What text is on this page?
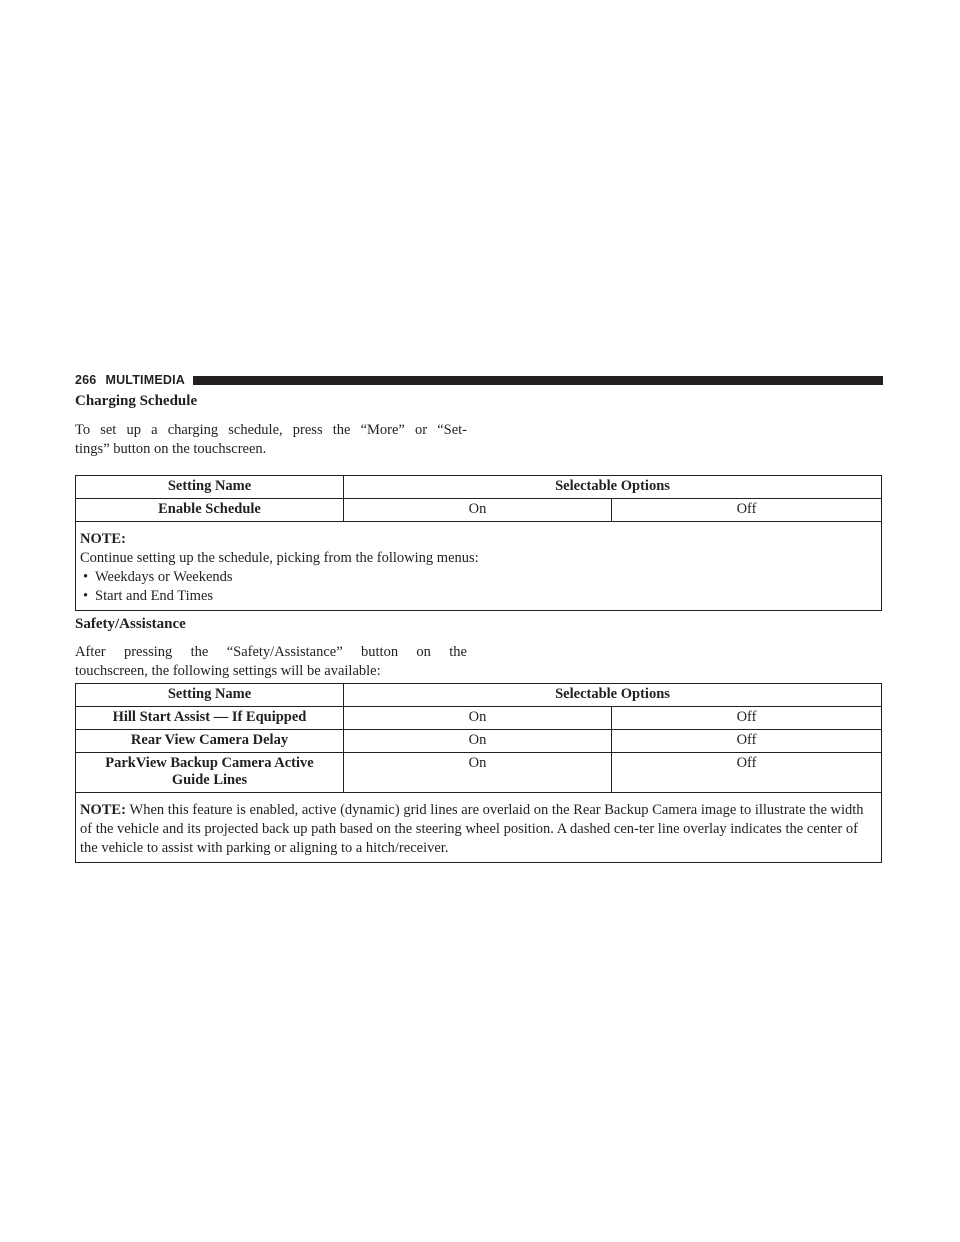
266 MULTIMEDIA
Charging Schedule
To set up a charging schedule, press the “More” or “Set-
tings” button on the touchscreen.
Setting Name	Selectable Options	
Enable Schedule	On	Off

NOTE:
Continue setting up the schedule, picking from the following menus:
• Weekdays or Weekends
• Start and End Times		
Safety/Assistance
After pressing the “Safety/Assistance” button on the
touchscreen, the following settings will be available:
Setting Name	Selectable Options	
Hill Start Assist — If Equipped	On	Off
Rear View Camera Delay	On	Off

ParkView Backup Camera Active
Guide Lines	On	Off
NOTE: When this feature is enabled, active (dynamic) grid lines are overlaid on the Rear Backup Camera image to illustrate the width of the vehicle and its projected back up path based on the steering wheel position. A dashed cen-ter line overlay indicates the center of the vehicle to assist with parking or aligning to a hitch/receiver.		
